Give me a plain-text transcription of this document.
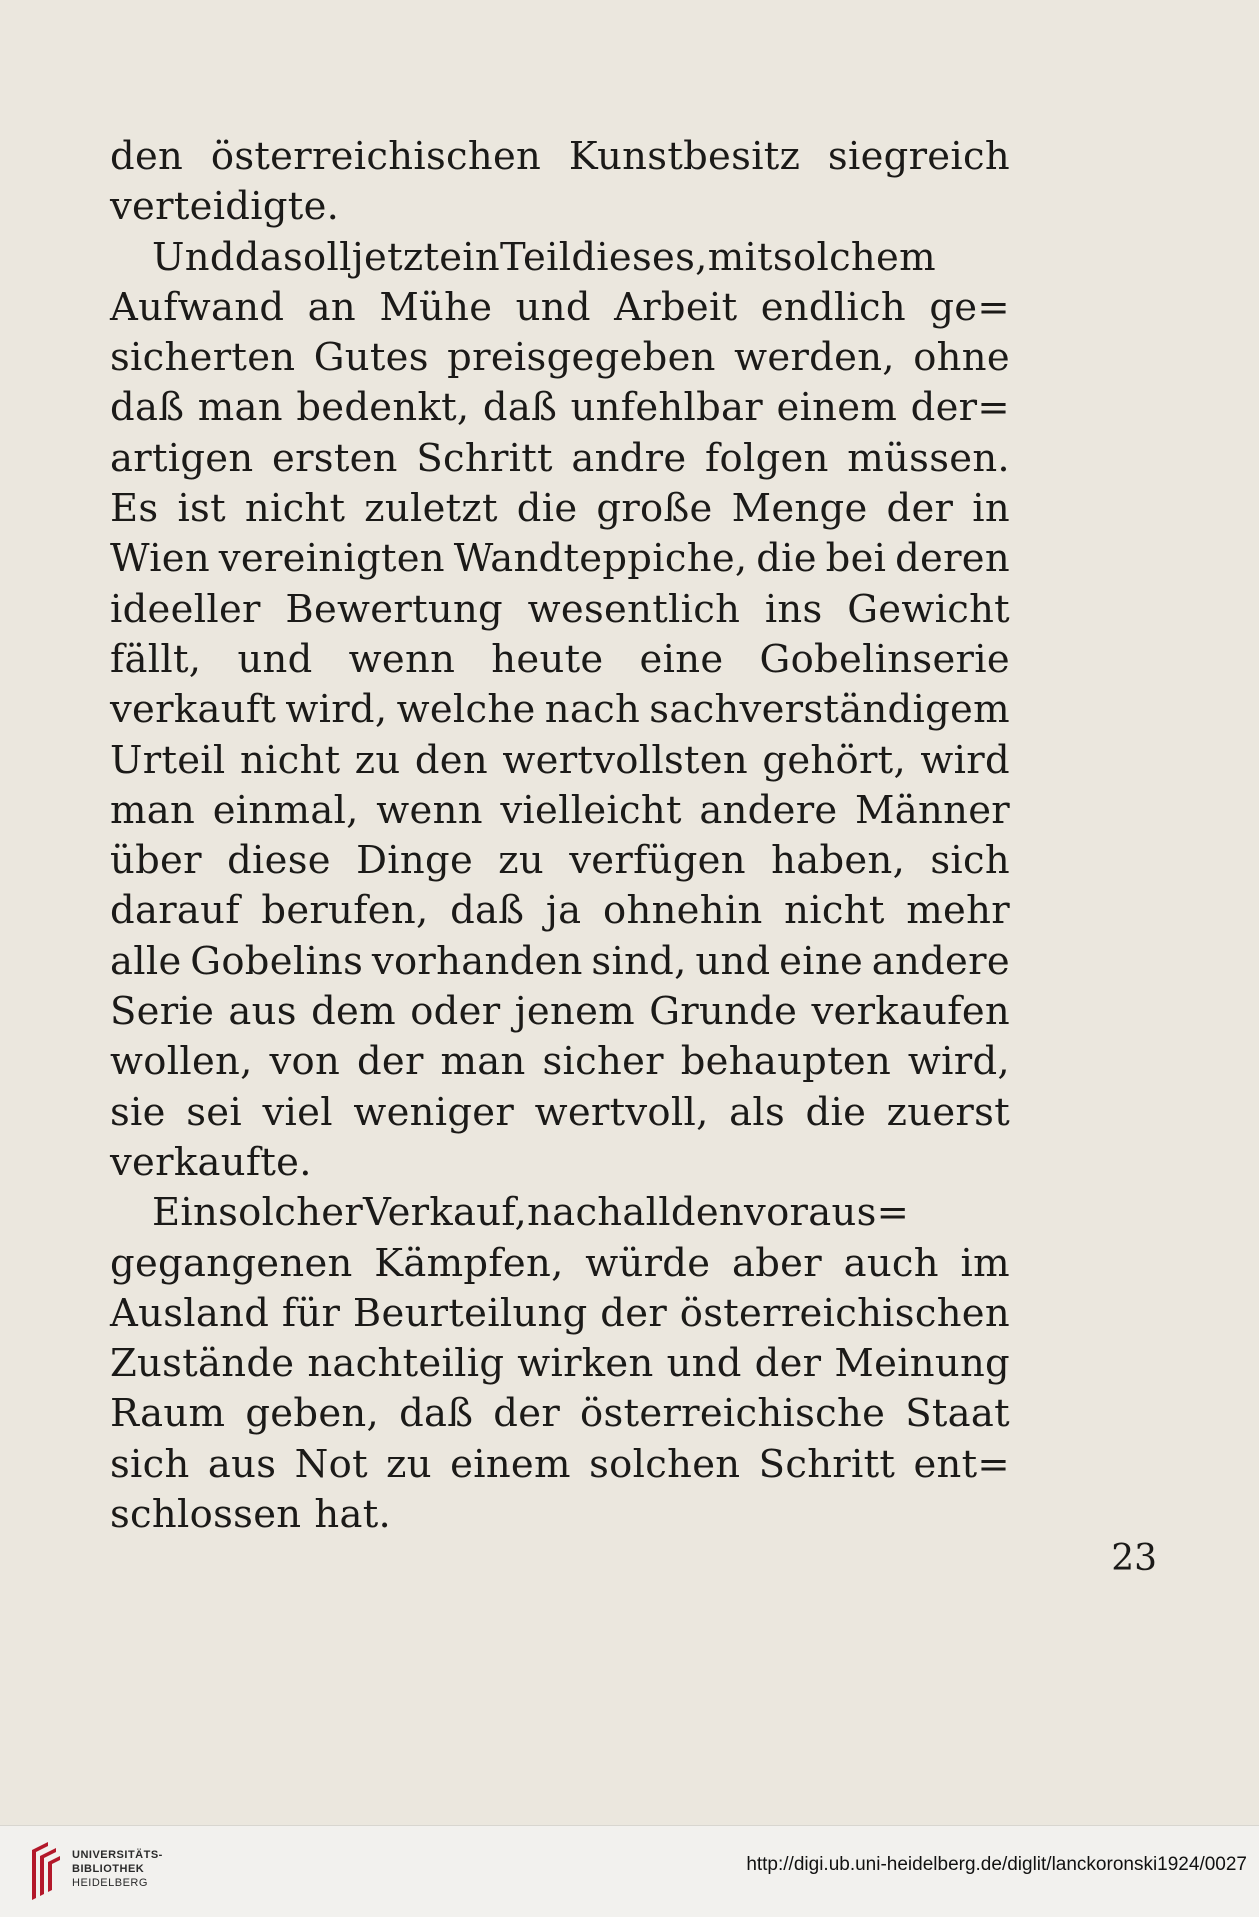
den österreichischen Kunstbesitz siegreich
verteidigte.
Und da soll jetzt ein Teil dieses, mit solchem
Aufwand an Mühe und Arbeit endlich ge=
sicherten Gutes preisgegeben werden, ohne
daß man bedenkt, daß unfehlbar einem der=
artigen ersten Schritt andre folgen müssen.
Es ist nicht zuletzt die große Menge der in
Wien vereinigten Wandteppiche, die bei deren
ideeller Bewertung wesentlich ins Gewicht
fällt, und wenn heute eine Gobelinserie
verkauft wird, welche nach sachverständigem
Urteil nicht zu den wertvollsten gehört, wird
man einmal, wenn vielleicht andere Männer
über diese Dinge zu verfügen haben, sich
darauf berufen, daß ja ohnehin nicht mehr
alle Gobelins vorhanden sind, und eine andere
Serie aus dem oder jenem Grunde verkaufen
wollen, von der man sicher behaupten wird,
sie sei viel weniger wertvoll, als die zuerst
verkaufte.
Ein solcher Verkauf, nach all den voraus=
gegangenen Kämpfen, würde aber auch im
Ausland für Beurteilung der österreichischen
Zustände nachteilig wirken und der Meinung
Raum geben, daß der österreichische Staat
sich aus Not zu einem solchen Schritt ent=
schlossen hat.
23
UNIVERSITÄTS-
BIBLIOTHEK
HEIDELBERG
http://digi.ub.uni-heidelberg.de/diglit/lanckoronski1924/0027
